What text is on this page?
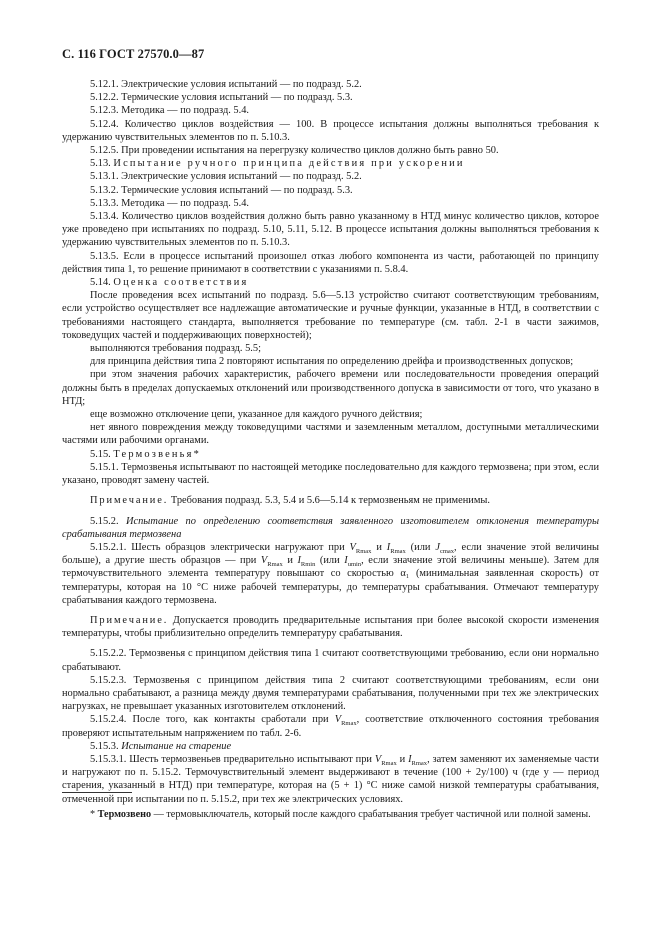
С. 116 ГОСТ 27570.0—87

5.12.1. Электрические условия испытаний — по подразд. 5.2.

5.12.2. Термические условия испытаний — по подразд. 5.3.

5.12.3. Методика — по подразд. 5.4.

5.12.4. Количество циклов воздействия — 100. В процессе испытания должны выполняться требования к удержанию чувствительных элементов по п. 5.10.3.

5.12.5. При проведении испытания на перегрузку количество циклов должно быть равно 50.

5.13. Испытание ручного принципа действия при ускорении

5.13.1. Электрические условия испытаний — по подразд. 5.2.

5.13.2. Термические условия испытаний — по подразд. 5.3.

5.13.3. Методика — по подразд. 5.4.

5.13.4. Количество циклов воздействия должно быть равно указанному в НТД минус количество циклов, которое уже проведено при испытаниях по подразд. 5.10, 5.11, 5.12. В процессе испытания должны выполняться требования к удержанию чувствительных элементов по п. 5.10.3.

5.13.5. Если в процессе испытаний произошел отказ любого компонента из части, работающей по принципу действия типа 1, то решение принимают в соответствии с указаниями п. 5.8.4.

5.14. Оценка соответствия

После проведения всех испытаний по подразд. 5.6—5.13 устройство считают соответствующим требованиям, если устройство осуществляет все надлежащие автоматические и ручные функции, указанные в НТД, в соответствии с требованиями настоящего стандарта, выполняется требование по температуре (см. табл. 2-1 в части зажимов, токоведущих частей и поддерживающих поверхностей);

выполняются требования подразд. 5.5;

для принципа действия типа 2 повторяют испытания по определению дрейфа и производственных допусков;

при этом значения рабочих характеристик, рабочего времени или последовательности проведения операций должны быть в пределах допускаемых отклонений или производственного допуска в зависимости от того, что указано в НТД;

еще возможно отключение цепи, указанное для каждого ручного действия;

нет явного повреждения между токоведущими частями и заземленным металлом, доступными металлическими частями или рабочими органами.

5.15. Термозвенья*

5.15.1. Термозвенья испытывают по настоящей методике последовательно для каждого термозвена; при этом, если указано, проводят замену частей.

Примечание. Требования подразд. 5.3, 5.4 и 5.6—5.14 к термозвеньям не применимы.

5.15.2. Испытание по определению соответствия заявленного изготовителем отклонения температуры срабатывания термозвена

5.15.2.1. Шесть образцов электрически нагружают при $V_{Rmax}$ и $I_{Rmax}$ (или $J_{cmax}$, если значение этой величины больше), а другие шесть образцов — при $V_{Rmax}$ и $I_{Rmin}$ (или $I_{umin}$, если значение этой величины меньше). Затем для термочувствительного элемента температуру повышают со скоростью α₁ (минимальная заявленная скорость) от температуры, которая на 10 °С ниже рабочей температуры, до температуры срабатывания. Отмечают температуру срабатывания каждого термозвена.

Примечание. Допускается проводить предварительные испытания при более высокой скорости изменения температуры, чтобы приблизительно определить температуру срабатывания.

5.15.2.2. Термозвенья с принципом действия типа 1 считают соответствующими требованию, если они нормально срабатывают.

5.15.2.3. Термозвенья с принципом действия типа 2 считают соответствующими требованиям, если они нормально срабатывают, а разница между двумя температурами срабатывания, полученными при тех же электрических нагрузках, не превышает указанных изготовителем отклонений.

5.15.2.4. После того, как контакты сработали при $V_{Rmax}$, соответствие отключенного состояния требования проверяют испытательным напряжением по табл. 2-6.

5.15.3. Испытание на старение

5.15.3.1. Шесть термозвеньев предварительно испытывают при $V_{Rmax}$ и $I_{Rmax}$, затем заменяют их заменяемые части и нагружают по п. 5.15.2. Термочувствительный элемент выдерживают в течение (100 + 2y/100) ч (где y — период старения, указанный в НТД) при температуре, которая на (5 + 1) °С ниже самой низкой температуры срабатывания, отмеченной при испытании по п. 5.15.2, при тех же электрических условиях.

* Термозвено — термовыключатель, который после каждого срабатывания требует частичной или полной замены.
